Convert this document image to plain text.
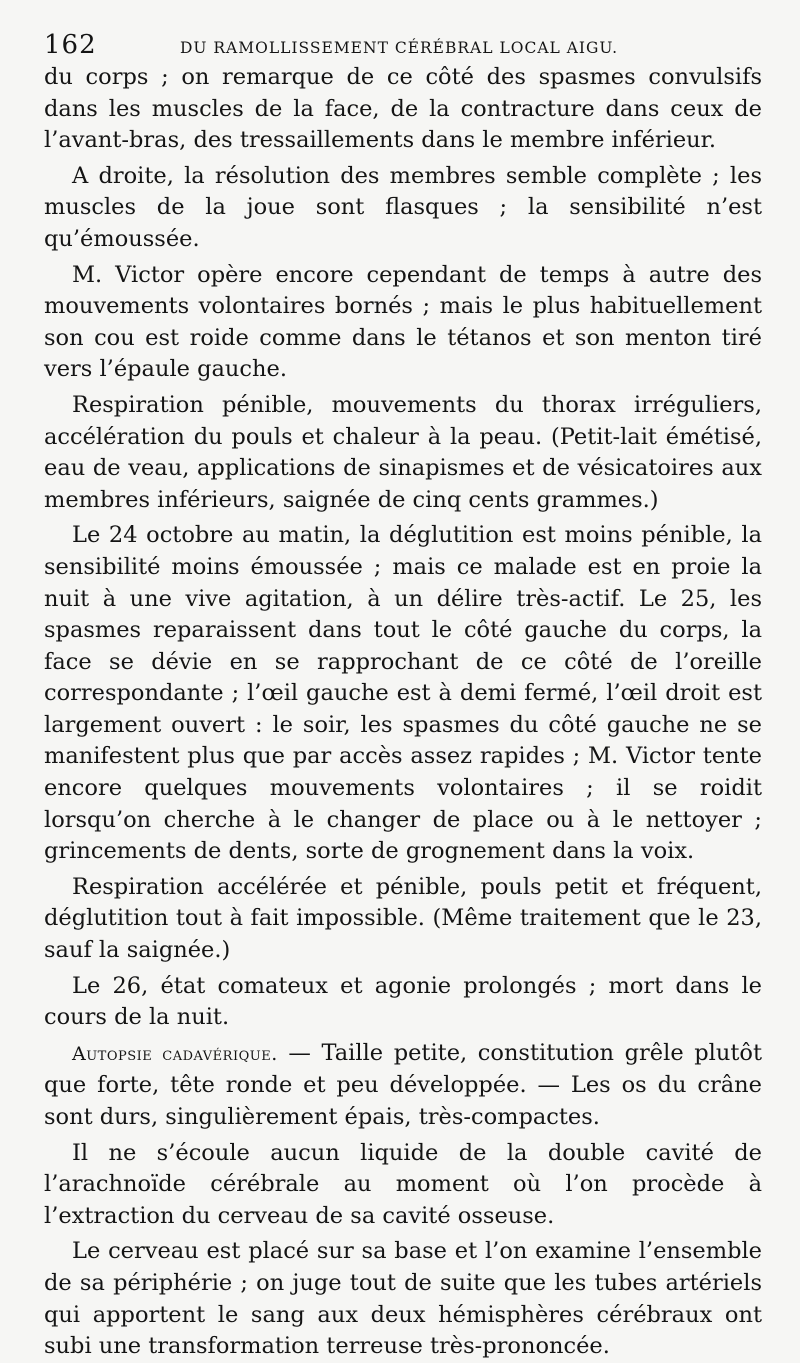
162	DU RAMOLLISSEMENT CÉRÉBRAL LOCAL AIGU.

du corps ; on remarque de ce côté des spasmes convulsifs dans les muscles de la face, de la contracture dans ceux de l’avant-bras, des tressaillements dans le membre inférieur.

A droite, la résolution des membres semble complète ; les muscles de la joue sont flasques ; la sensibilité n’est qu’émoussée.

M. Victor opère encore cependant de temps à autre des mouvements volontaires bornés ; mais le plus habituellement son cou est roide comme dans le tétanos et son menton tiré vers l’épaule gauche.

Respiration pénible, mouvements du thorax irréguliers, accélération du pouls et chaleur à la peau. (Petit-lait émétisé, eau de veau, applications de sinapismes et de vésicatoires aux membres inférieurs, saignée de cinq cents grammes.)

Le 24 octobre au matin, la déglutition est moins pénible, la sensibilité moins émoussée ; mais ce malade est en proie la nuit à une vive agitation, à un délire très-actif. Le 25, les spasmes reparaissent dans tout le côté gauche du corps, la face se dévie en se rapprochant de ce côté de l’oreille correspondante ; l’œil gauche est à demi fermé, l’œil droit est largement ouvert : le soir, les spasmes du côté gauche ne se manifestent plus que par accès assez rapides ; M. Victor tente encore quelques mouvements volontaires ; il se roidit lorsqu’on cherche à le changer de place ou à le nettoyer ; grincements de dents, sorte de grognement dans la voix.

Respiration accélérée et pénible, pouls petit et fréquent, déglutition tout à fait impossible. (Même traitement que le 23, sauf la saignée.)

Le 26, état comateux et agonie prolongés ; mort dans le cours de la nuit.

Autopsie cadavérique. — Taille petite, constitution grêle plutôt que forte, tête ronde et peu développée. — Les os du crâne sont durs, singulièrement épais, très-compactes.

Il ne s’écoule aucun liquide de la double cavité de l’arachnoïde cérébrale au moment où l’on procède à l’extraction du cerveau de sa cavité osseuse.

Le cerveau est placé sur sa base et l’on examine l’ensemble de sa périphérie ; on juge tout de suite que les tubes artériels qui apportent le sang aux deux hémisphères cérébraux ont subi une transformation terreuse très-prononcée.
